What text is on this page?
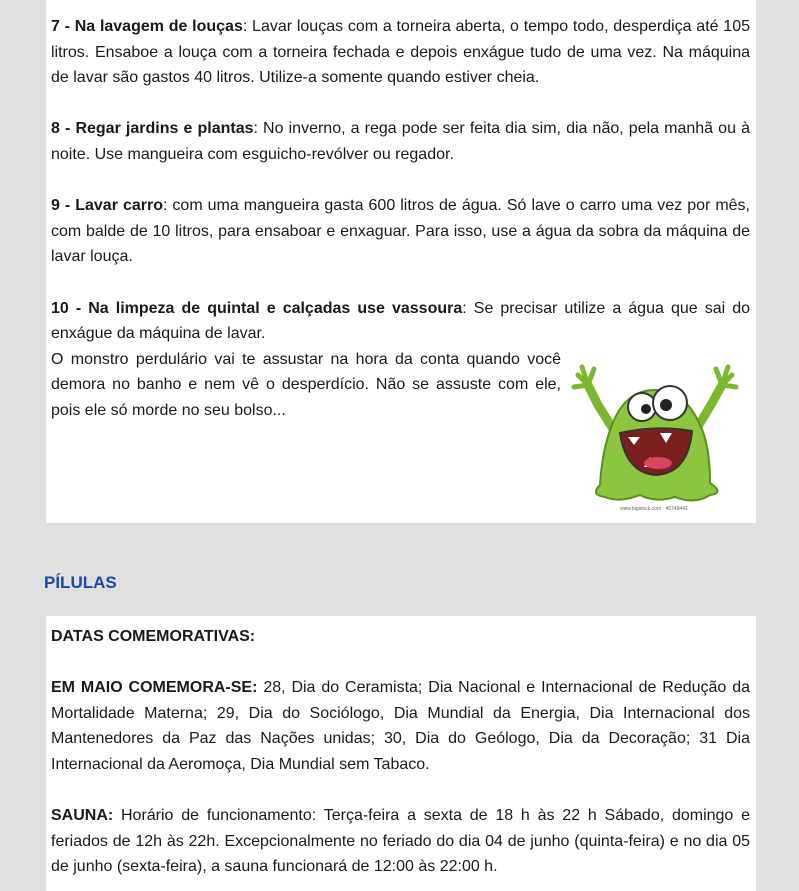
7 - Na lavagem de louças: Lavar louças com a torneira aberta, o tempo todo, desperdiça até 105 litros. Ensaboe a louça com a torneira fechada e depois enxágue tudo de uma vez. Na máquina de lavar são gastos 40 litros. Utilize-a somente quando estiver cheia.

8 - Regar jardins e plantas: No inverno, a rega pode ser feita dia sim, dia não, pela manhã ou à noite. Use mangueira com esguicho-revólver ou regador.

9 - Lavar carro: com uma mangueira gasta 600 litros de água. Só lave o carro uma vez por mês, com balde de 10 litros, para ensaboar e enxaguar. Para isso, use a água da sobra da máquina de lavar louça.

10 - Na limpeza de quintal e calçadas use vassoura: Se precisar utilize a água que sai do enxágue da máquina de lavar.

O monstro perdulário vai te assustar na hora da conta quando você demora no banho e nem vê o desperdício. Não se assuste com ele, pois ele só morde no seu bolso...

www.bigstock.com · 45748441
PÍLULAS

DATAS COMEMORATIVAS:

EM MAIO COMEMORA-SE: 28, Dia do Ceramista; Dia Nacional e Internacional de Redução da Mortalidade Materna; 29, Dia do Sociólogo, Dia Mundial da Energia, Dia Internacional dos Mantenedores da Paz das Nações unidas; 30, Dia do Geólogo, Dia da Decoração; 31 Dia Internacional da Aeromoça, Dia Mundial sem Tabaco.

SAUNA: Horário de funcionamento: Terça-feira a sexta de 18 h às 22 h Sábado, domingo e feriados de 12h às 22h. Excepcionalmente no feriado do dia 04 de junho (quinta-feira) e no dia 05 de junho (sexta-feira), a sauna funcionará de 12:00 às 22:00 h.
